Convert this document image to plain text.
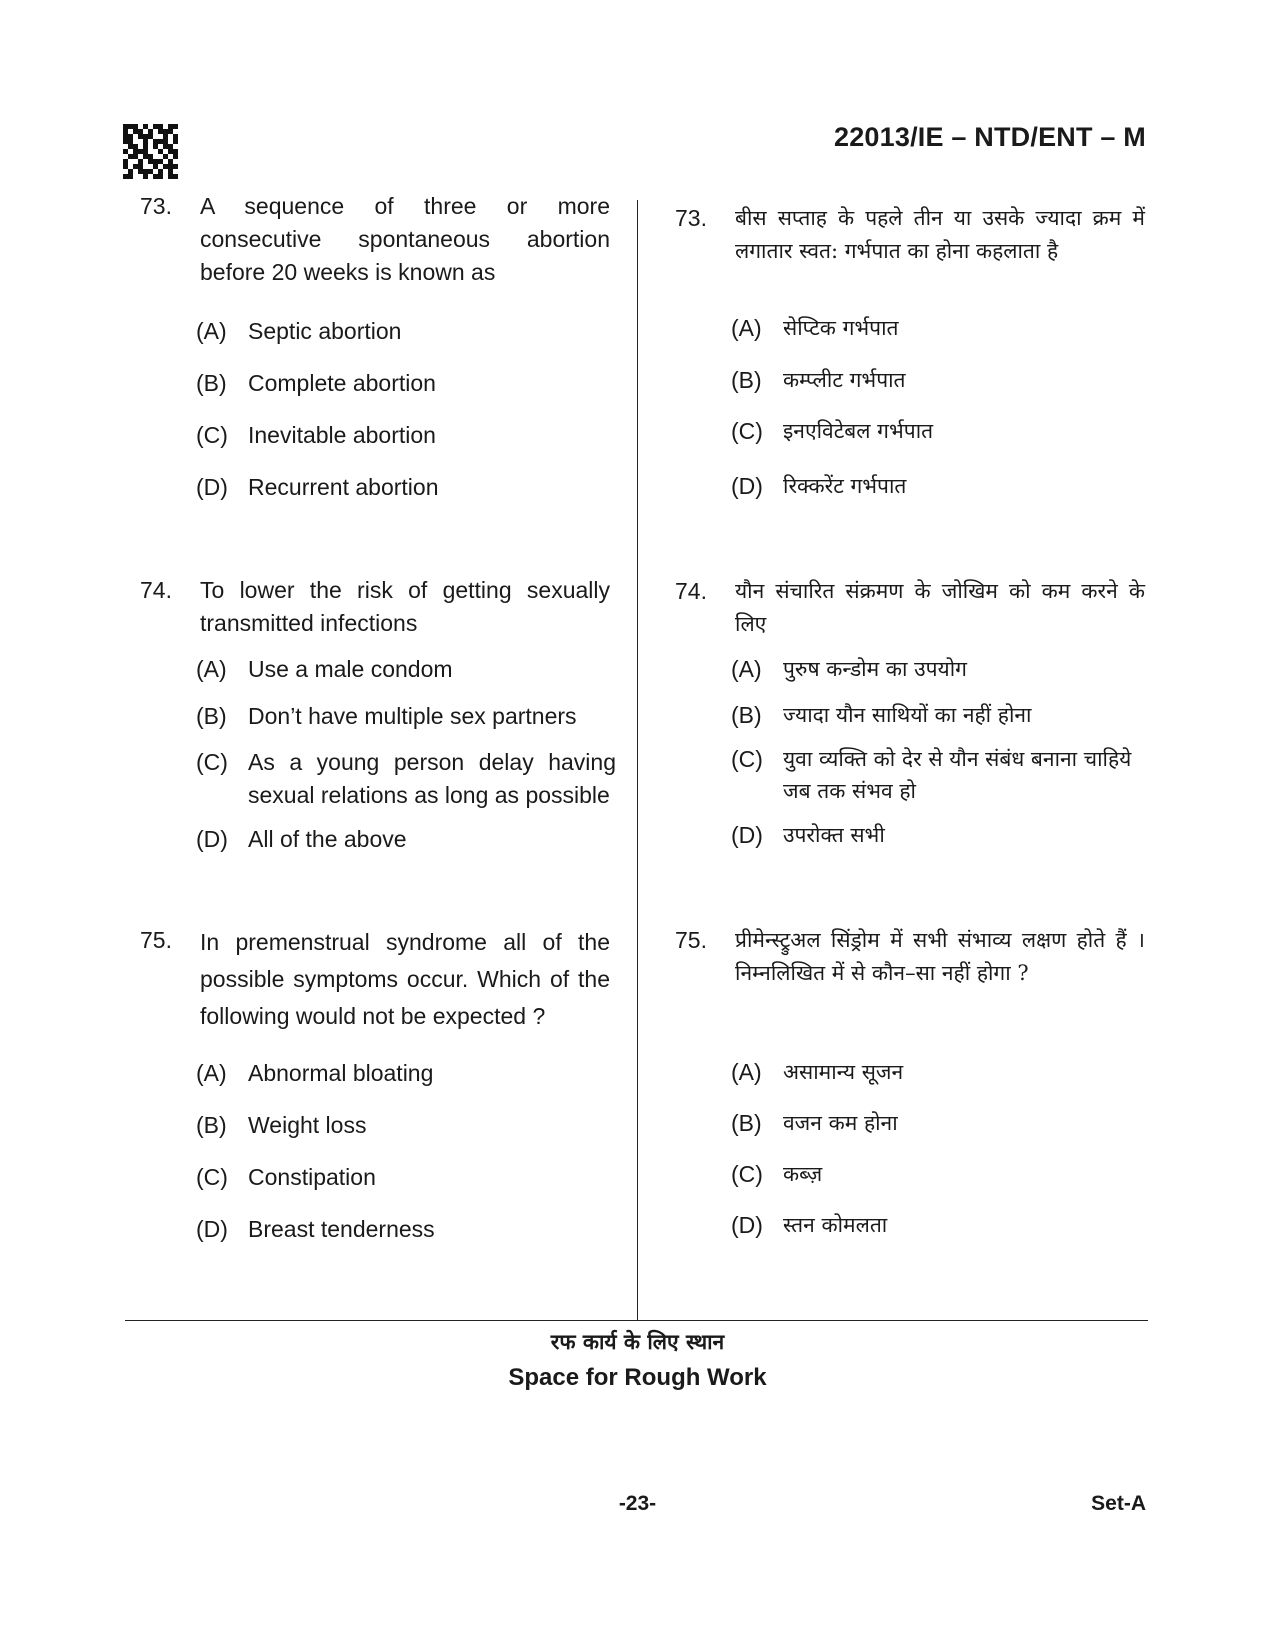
22013/IE – NTD/ENT – M
73.	A sequence of three or more consecutive spontaneous abortion before 20 weeks is known as
(A) Septic abortion
(B) Complete abortion
(C) Inevitable abortion
(D) Recurrent abortion
74.	To lower the risk of getting sexually transmitted infections
(A) Use a male condom
(B) Don’t have multiple sex partners
(C) As a young person delay having sexual relations as long as possible
(D) All of the above
75.	In premenstrual syndrome all of the possible symptoms occur. Which of the following would not be expected ?
(A) Abnormal bloating
(B) Weight loss
(C) Constipation
(D) Breast tenderness
73.	बीस सप्ताह के पहले तीन या उसके ज्यादा क्रम में लगातार स्वत: गर्भपात का होना कहलाता है
(A)	सेप्टिक गर्भपात
(B)	कम्प्लीट गर्भपात
(C) इनएविटेबल गर्भपात
(D) रिक्करेंट गर्भपात
74.	यौन संचारित संक्रमण के जोखिम को कम करने के लिए
(A)	पुरुष कन्डोम का उपयोग
(B)	ज्यादा यौन साथियों का नहीं होना
(C) युवा व्यक्ति को देर से यौन संबंध बनाना चाहिये जब तक संभव हो
(D) उपरोक्त सभी
75.	प्रीमेन्स्ट्रुअल सिंड्रोम में सभी संभाव्य लक्षण होते हैं । निम्नलिखित में से कौन–सा नहीं होगा ?
(A)	असामान्य सूजन
(B)	वजन कम होना
(C) कब्ज़
(D) स्तन कोमलता
रफ कार्य के लिए स्थान
Space for Rough Work
-23-	Set-A
